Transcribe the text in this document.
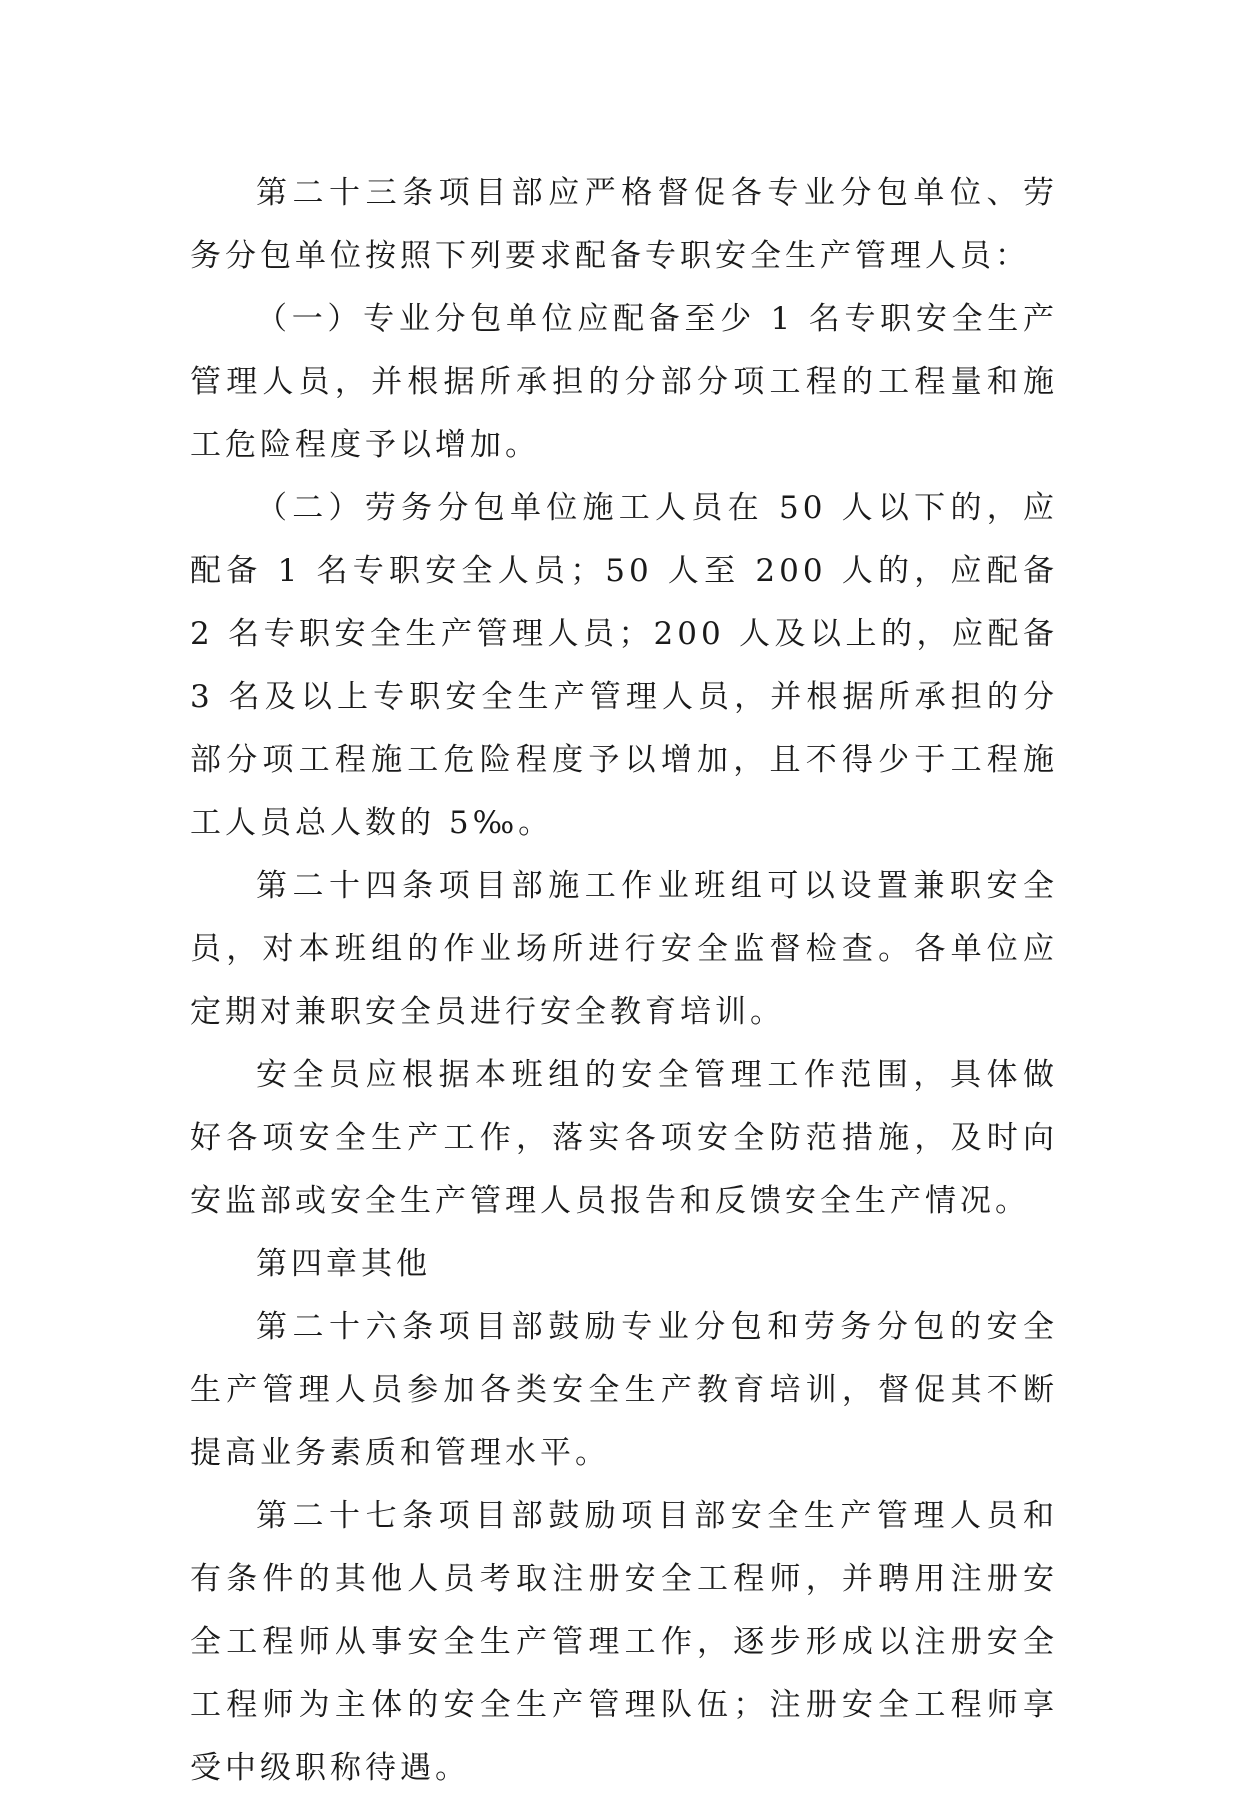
第二十三条项目部应严格督促各专业分包单位、劳务分包单位按照下列要求配备专职安全生产管理人员：

（一）专业分包单位应配备至少 1 名专职安全生产管理人员，并根据所承担的分部分项工程的工程量和施工危险程度予以增加。

（二）劳务分包单位施工人员在 50 人以下的，应配备 1 名专职安全人员；50 人至 200 人的，应配备 2 名专职安全生产管理人员；200 人及以上的，应配备 3 名及以上专职安全生产管理人员，并根据所承担的分部分项工程施工危险程度予以增加，且不得少于工程施工人员总人数的 5‰。

第二十四条项目部施工作业班组可以设置兼职安全员，对本班组的作业场所进行安全监督检查。各单位应定期对兼职安全员进行安全教育培训。

安全员应根据本班组的安全管理工作范围，具体做好各项安全生产工作，落实各项安全防范措施，及时向安监部或安全生产管理人员报告和反馈安全生产情况。

第四章其他

第二十六条项目部鼓励专业分包和劳务分包的安全生产管理人员参加各类安全生产教育培训，督促其不断提高业务素质和管理水平。

第二十七条项目部鼓励项目部安全生产管理人员和有条件的其他人员考取注册安全工程师，并聘用注册安全工程师从事安全生产管理工作，逐步形成以注册安全工程师为主体的安全生产管理队伍；注册安全工程师享受中级职称待遇。
